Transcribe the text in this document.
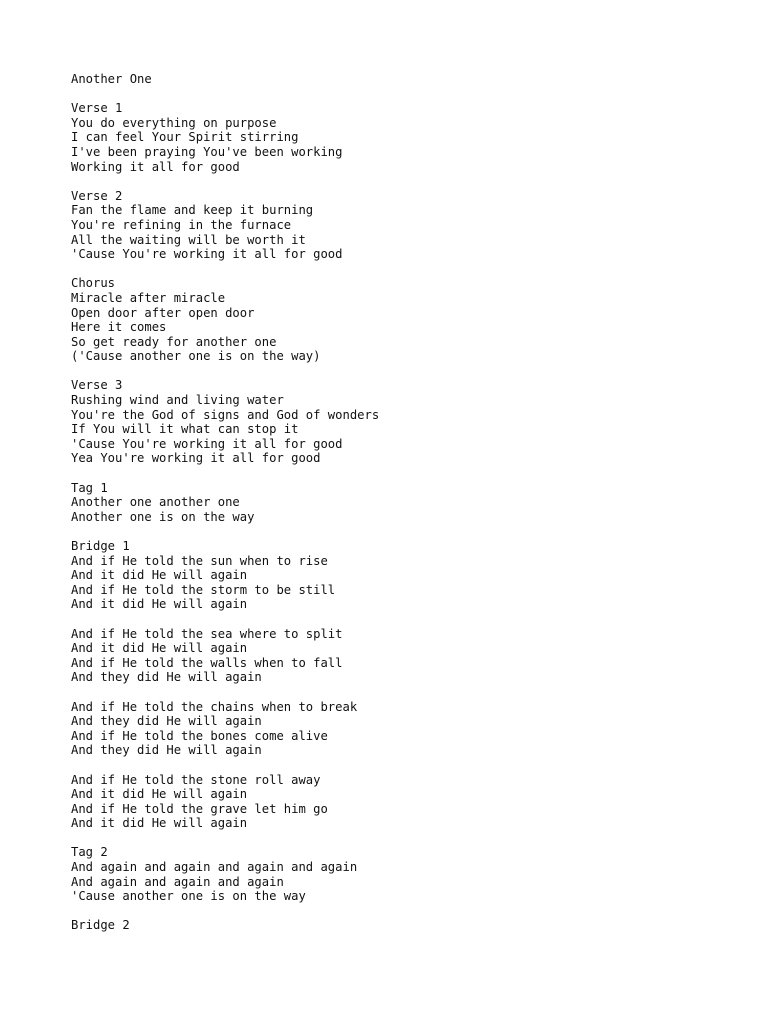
Another One
Verse 1
You do everything on purpose
I can feel Your Spirit stirring
I've been praying You've been working
Working it all for good
Verse 2
Fan the flame and keep it burning
You're refining in the furnace
All the waiting will be worth it
'Cause You're working it all for good
Chorus
Miracle after miracle
Open door after open door
Here it comes
So get ready for another one
('Cause another one is on the way)
Verse 3
Rushing wind and living water
You're the God of signs and God of wonders
If You will it what can stop it
'Cause You're working it all for good
Yea You're working it all for good
Tag 1
Another one another one
Another one is on the way
Bridge 1
And if He told the sun when to rise
And it did He will again
And if He told the storm to be still
And it did He will again
And if He told the sea where to split
And it did He will again
And if He told the walls when to fall
And they did He will again
And if He told the chains when to break
And they did He will again
And if He told the bones come alive
And they did He will again
And if He told the stone roll away
And it did He will again
And if He told the grave let him go
And it did He will again
Tag 2
And again and again and again and again
And again and again and again
'Cause another one is on the way
Bridge 2
